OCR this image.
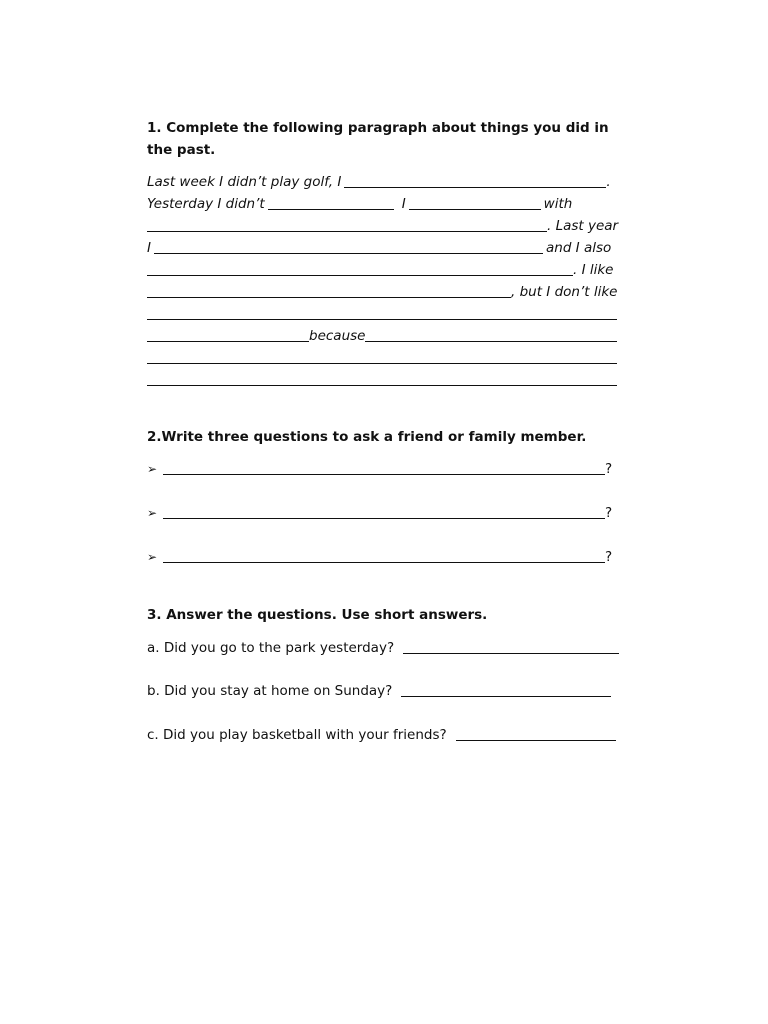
1. Complete the following paragraph about things you did in the past.
Last week I didn’t play golf, I	.
Yesterday I didn’t	I	with
. Last year
I	and I also
. I like
, but I don’t like
because
2.Write three questions to ask a friend or family member.
➢	?
➢	?
➢	?
3. Answer the questions. Use short answers.
a. Did you go to the park yesterday?
b. Did you stay at home on Sunday?
c. Did you play basketball with your friends?
